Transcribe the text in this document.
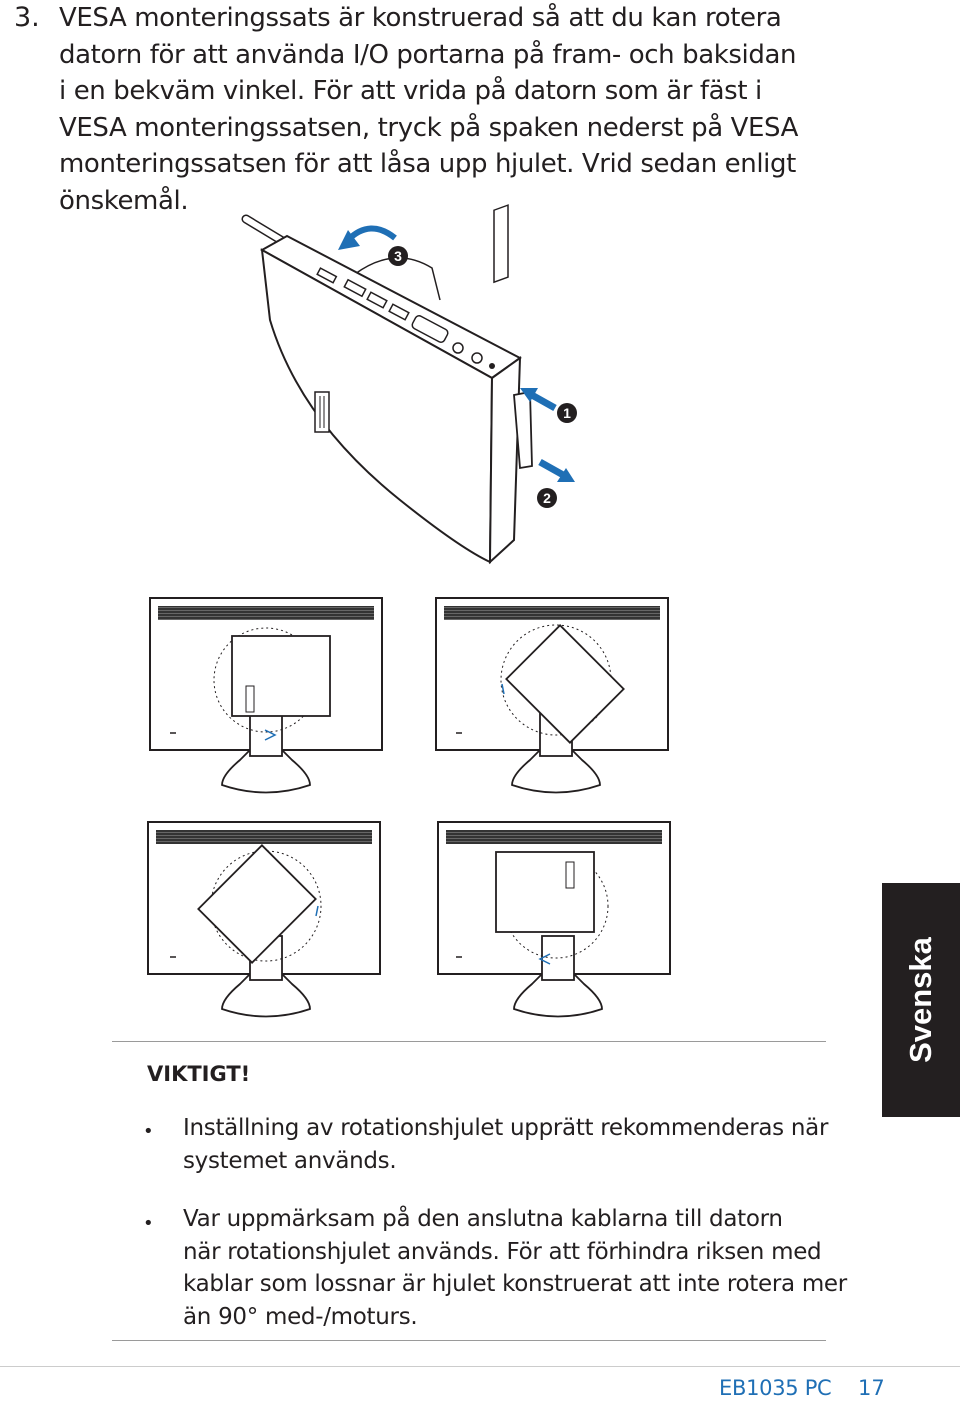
3. VESA monteringssats är konstruerad så att du kan rotera
datorn för att använda I/O portarna på fram- och baksidan
i en bekväm vinkel. För att vrida på datorn som är fäst i
VESA monteringssatsen, tryck på spaken nederst på VESA
monteringssatsen för att låsa upp hjulet. Vrid sedan enligt
önskemål.
3
1
2
VIKTIGT!
• Inställning av rotationshjulet upprätt rekommenderas när
systemet används.
• Var uppmärksam på den anslutna kablarna till datorn
när rotationshjulet används. För att förhindra riksen med
kablar som lossnar är hjulet konstruerat att inte rotera mer
än 90° med-/moturs.
Svenska
EB1035 PC 17
